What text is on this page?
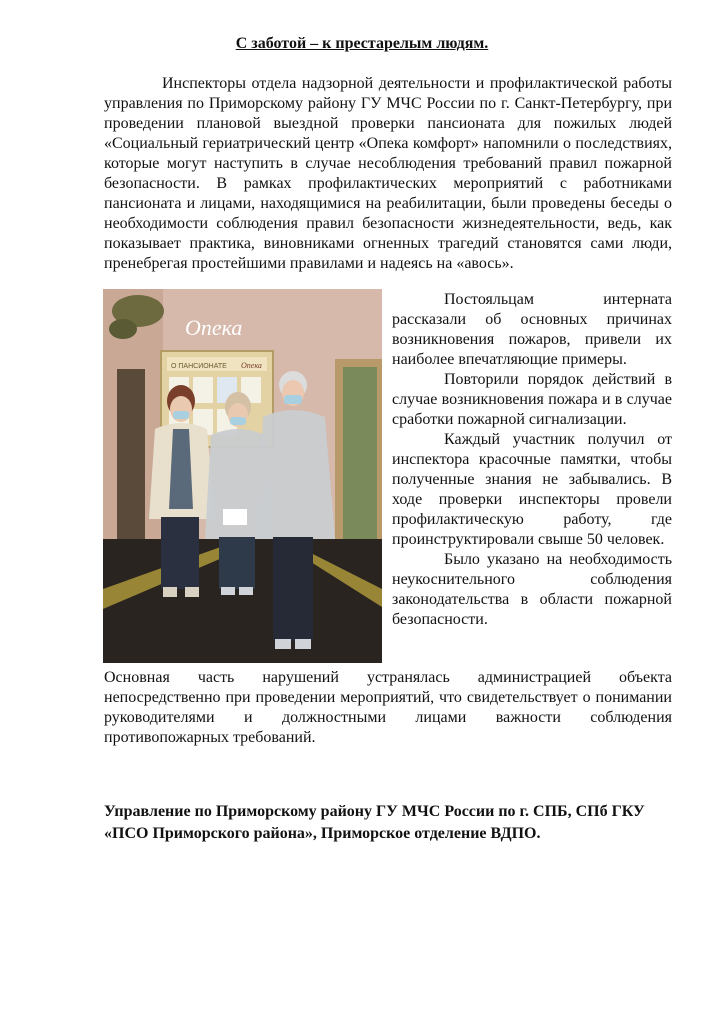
С заботой – к престарелым людям.

Инспекторы отдела надзорной деятельности и профилактической работы управления по Приморскому району ГУ МЧС России по г. Санкт-Петербургу, при проведении плановой выездной проверки пансионата для пожилых людей «Социальный гериатрический центр «Опека комфорт» напомнили о последствиях, которые могут наступить в случае несоблюдения требований правил пожарной безопасности. В рамках профилактических мероприятий с работниками пансионата и лицами, находящимися на реабилитации, были проведены беседы о необходимости соблюдения правил безопасности жизнедеятельности, ведь, как показывает практика, виновниками огненных трагедий становятся сами люди, пренебрегая простейшими правилами и надеясь на «авось».

Опека
О ПАНСИОНАТЕ Опека

Постояльцам интерната рассказали об основных причинах возникновения пожаров, привели их наиболее впечатляющие примеры.

Повторили порядок действий в случае возникновения пожара и в случае сработки пожарной сигнализации.

Каждый участник получил от инспектора красочные памятки, чтобы полученные знания не забывались. В ходе проверки инспекторы провели профилактическую работу, где проинструктировали свыше 50 человек.

Было указано на необходимость неукоснительного соблюдения законодательства в области пожарной безопасности.

Основная часть нарушений устранялась администрацией объекта непосредственно при проведении мероприятий, что свидетельствует о понимании руководителями и должностными лицами важности соблюдения противопожарных требований.

Управление по Приморскому району ГУ МЧС России по г. СПБ, СПб ГКУ «ПСО Приморского района», Приморское отделение ВДПО.
